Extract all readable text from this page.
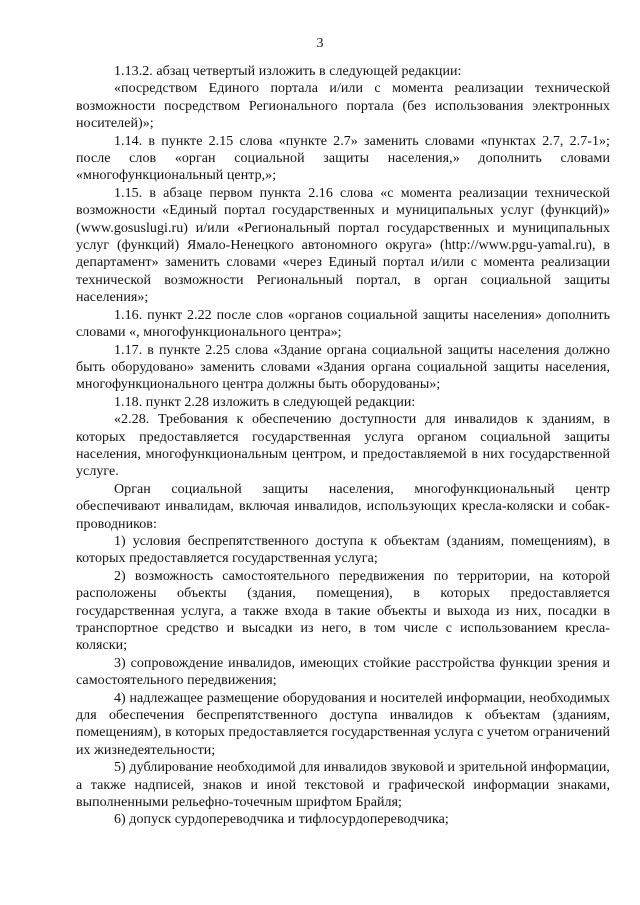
3

1.13.2. абзац четвертый изложить в следующей редакции:

«посредством Единого портала и/или с момента реализации технической возможности посредством Регионального портала (без использования электронных носителей)»;

1.14. в пункте 2.15 слова «пункте 2.7» заменить словами «пунктах 2.7, 2.7-1»; после слов «орган социальной защиты населения,» дополнить словами «многофункциональный центр,»;

1.15. в абзаце первом пункта 2.16 слова «с момента реализации технической возможности «Единый портал государственных и муниципальных услуг (функций)» (www.gosuslugi.ru) и/или «Региональный портал государственных и муниципальных услуг (функций) Ямало-Ненецкого автономного округа» (http://www.pgu-yamal.ru), в департамент» заменить словами «через Единый портал и/или с момента реализации технической возможности Региональный портал, в орган социальной защиты населения»;

1.16. пункт 2.22 после слов «органов социальной защиты населения» дополнить словами «, многофункционального центра»;

1.17. в пункте 2.25 слова «Здание органа социальной защиты населения должно быть оборудовано» заменить словами «Здания органа социальной защиты населения, многофункционального центра должны быть оборудованы»;

1.18. пункт 2.28 изложить в следующей редакции:

«2.28. Требования к обеспечению доступности для инвалидов к зданиям, в которых предоставляется государственная услуга органом социальной защиты населения, многофункциональным центром, и предоставляемой в них государственной услуге.

Орган социальной защиты населения, многофункциональный центр обеспечивают инвалидам, включая инвалидов, использующих кресла-коляски и собак-проводников:

1) условия беспрепятственного доступа к объектам (зданиям, помещениям), в которых предоставляется государственная услуга;

2) возможность самостоятельного передвижения по территории, на которой расположены объекты (здания, помещения), в которых предоставляется государственная услуга, а также входа в такие объекты и выхода из них, посадки в транспортное средство и высадки из него, в том числе с использованием кресла-коляски;

3) сопровождение инвалидов, имеющих стойкие расстройства функции зрения и самостоятельного передвижения;

4) надлежащее размещение оборудования и носителей информации, необходимых для обеспечения беспрепятственного доступа инвалидов к объектам (зданиям, помещениям), в которых предоставляется государственная услуга с учетом ограничений их жизнедеятельности;

5) дублирование необходимой для инвалидов звуковой и зрительной информации, а также надписей, знаков и иной текстовой и графической информации знаками, выполненными рельефно-точечным шрифтом Брайля;

6) допуск сурдопереводчика и тифлосурдопереводчика;
